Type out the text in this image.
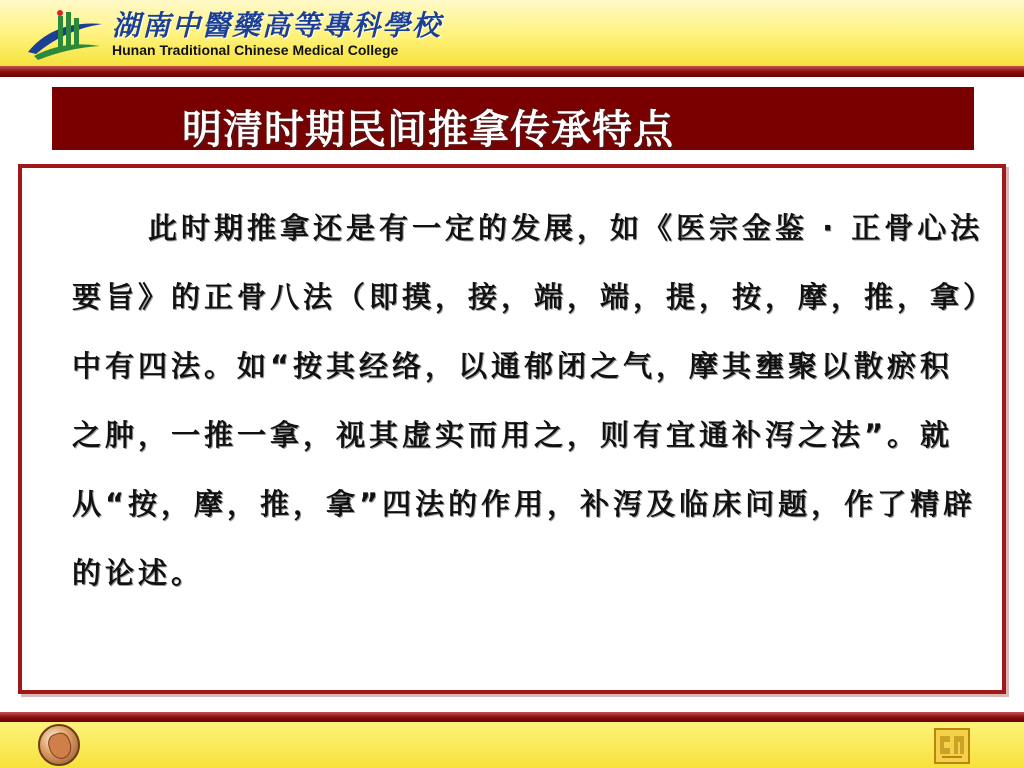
湖南中醫藥高等專科學校
Hunan Traditional Chinese Medical College
明清时期民间推拿传承特点

此时期推拿还是有一定的发展，如《医宗金鉴 · 正骨心法要旨》的正骨八法（即摸，接，端，端，提，按，摩，推，拿）中有四法。如“按其经络，以通郁闭之气，摩其壅聚以散瘀积之肿，一推一拿，视其虚实而用之，则有宜通补泻之法”。就从“按，摩，推，拿”四法的作用，补泻及临床问题，作了精辟的论述。
